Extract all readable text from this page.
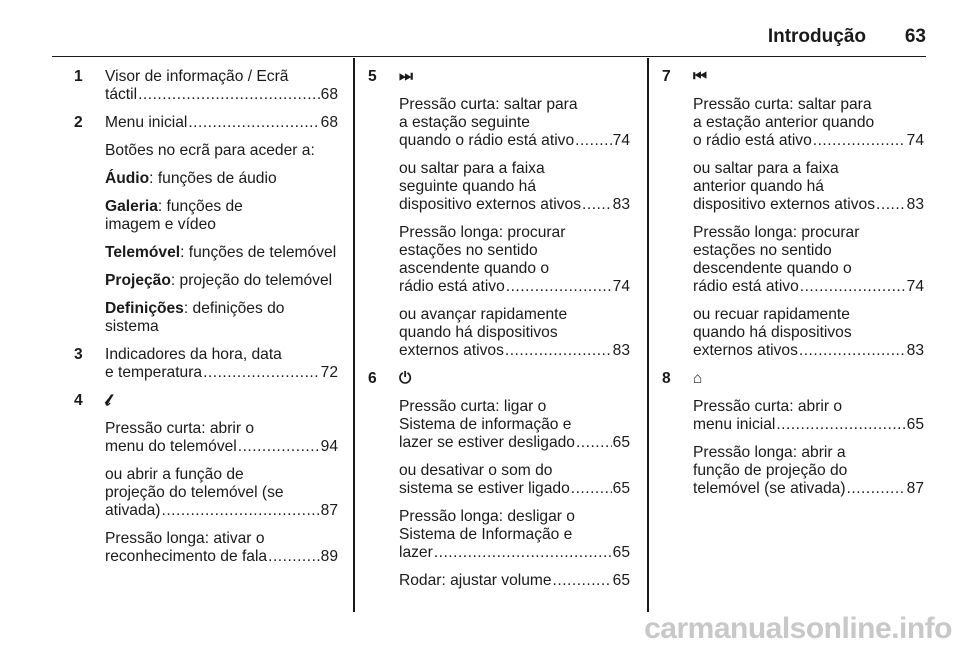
Introdução 63
1 Visor de informação / Ecrã
táctil .....	68
2 Menu inicial .....	68
Botões no ecrã para aceder a:
Áudio: funções de áudio
Galeria: funções de
imagem e vídeo
Telemóvel: funções de telemóvel
Projeção: projeção do telemóvel
Definições: definições do
sistema
3 Indicadores da hora, data
e temperatura .....	72
4 𝓵
Pressão curta: abrir o
menu do telemóvel .....	94
ou abrir a função de
projeção do telemóvel (se
ativada) .....	87
Pressão longa: ativar o
reconhecimento de fala .....	89
5 ⏭
Pressão curta: saltar para
a estação seguinte
quando o rádio está ativo ..... 74
ou saltar para a faixa
seguinte quando há
dispositivo externos ativos ..... 83
Pressão longa: procurar
estações no sentido
ascendente quando o
rádio está ativo .....	74
ou avançar rapidamente
quando há dispositivos
externos ativos .....	83
6 ⏻
Pressão curta: ligar o
Sistema de informação e
lazer se estiver desligado ..... 65
ou desativar o som do
sistema se estiver ligado .....	65
Pressão longa: desligar o
Sistema de Informação e
lazer .....	65
Rodar: ajustar volume .....	65
7 ⏮
Pressão curta: saltar para
a estação anterior quando
o rádio está ativo .....	74
ou saltar para a faixa
anterior quando há
dispositivo externos ativos ..... 83
Pressão longa: procurar
estações no sentido
descendente quando o
rádio está ativo .....	74
ou recuar rapidamente
quando há dispositivos
externos ativos .....	83
8 ⌂
Pressão curta: abrir o
menu inicial .....	65
Pressão longa: abrir a
função de projeção do
telemóvel (se ativada) .....	87
carmanualsonline.info
